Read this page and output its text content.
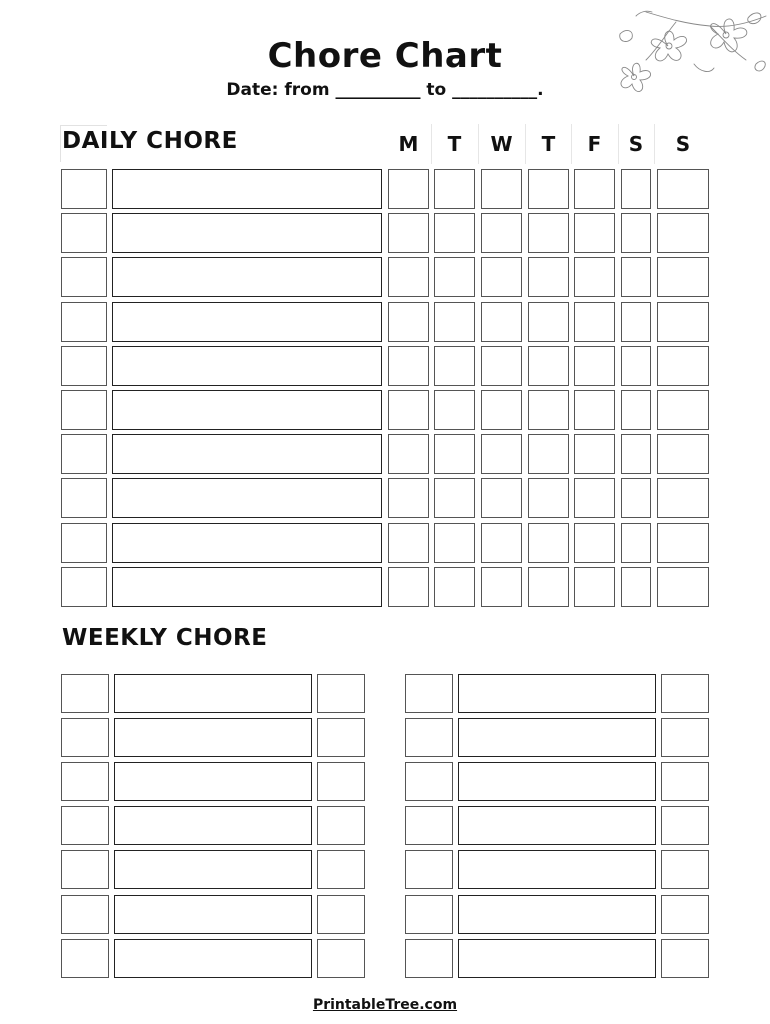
Chore Chart
Date: from __________ to __________.
DAILY CHORE	M	T	W	T	F	S	S
WEEKLY CHORE
PrintableTree.com
